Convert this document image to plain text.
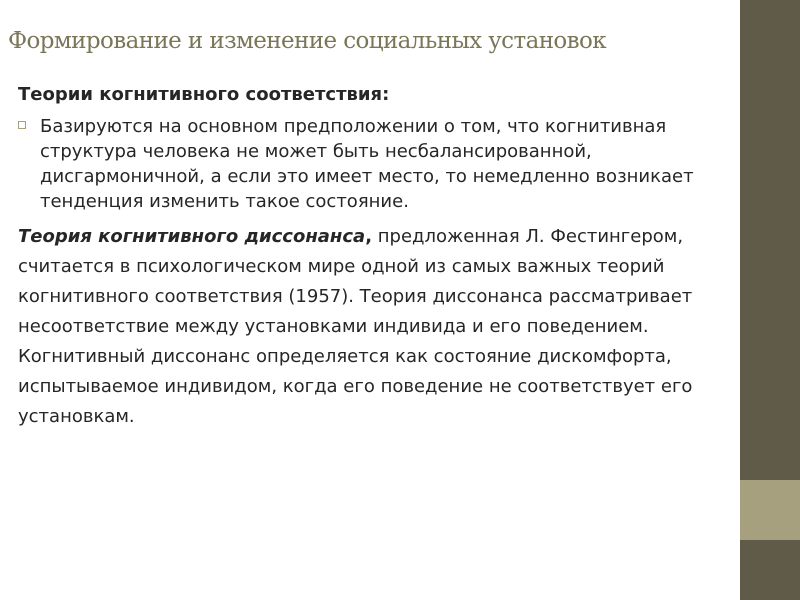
Формирование и изменение социальных установок
Теории когнитивного соответствия:
Базируются на основном предположении о том, что когнитивная структура человека не может быть несбалансированной, дисгармоничной, а если это имеет место, то немедленно возникает тенденция изменить такое состояние.

Теория когнитивного диссонанса, предложенная Л. Фестингером, считается в психологическом мире одной из самых важных теорий когнитивного соответствия (1957). Теория диссонанса рассматривает несоответствие между установками индивида и его поведением. Когнитивный диссонанс определяется как состояние дискомфорта, испытываемое индивидом, когда его поведение не соответствует его установкам.
